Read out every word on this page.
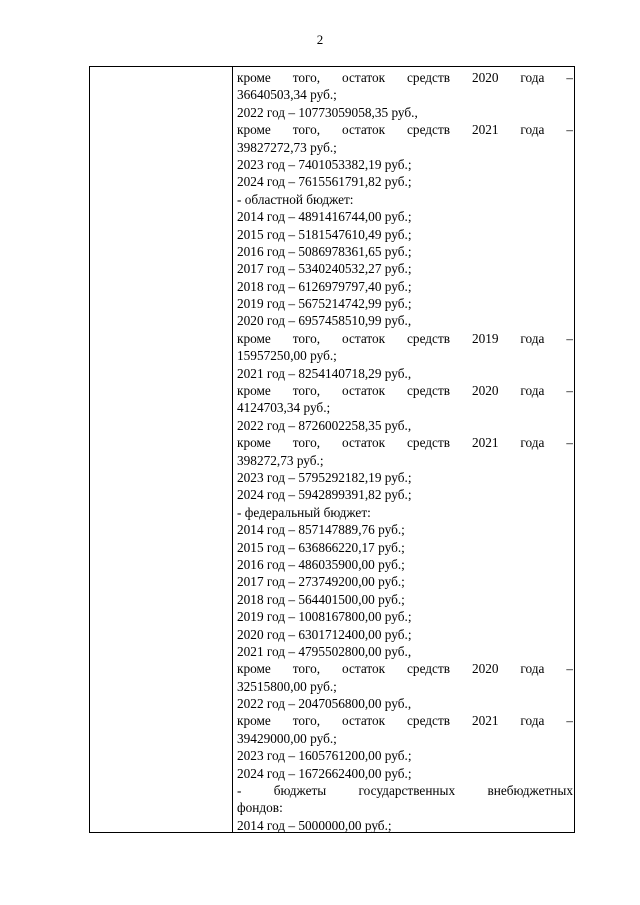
2
кроме того, остаток средств 2020 года –
36640503,34 руб.;
2022 год – 10773059058,35 руб.,
кроме того, остаток средств 2021 года –
39827272,73 руб.;
2023 год – 7401053382,19 руб.;
2024 год – 7615561791,82 руб.;
- областной бюджет:
2014 год – 4891416744,00 руб.;
2015 год – 5181547610,49 руб.;
2016 год – 5086978361,65 руб.;
2017 год – 5340240532,27 руб.;
2018 год – 6126979797,40 руб.;
2019 год – 5675214742,99 руб.;
2020 год – 6957458510,99 руб.,
кроме того, остаток средств 2019 года –
15957250,00 руб.;
2021 год – 8254140718,29 руб.,
кроме того, остаток средств 2020 года –
4124703,34 руб.;
2022 год – 8726002258,35 руб.,
кроме того, остаток средств 2021 года –
398272,73 руб.;
2023 год – 5795292182,19 руб.;
2024 год – 5942899391,82 руб.;
- федеральный бюджет:
2014 год – 857147889,76 руб.;
2015 год – 636866220,17 руб.;
2016 год – 486035900,00 руб.;
2017 год – 273749200,00 руб.;
2018 год – 564401500,00 руб.;
2019 год – 1008167800,00 руб.;
2020 год – 6301712400,00 руб.;
2021 год – 4795502800,00 руб.,
кроме того, остаток средств 2020 года –
32515800,00 руб.;
2022 год – 2047056800,00 руб.,
кроме того, остаток средств 2021 года –
39429000,00 руб.;
2023 год – 1605761200,00 руб.;
2024 год – 1672662400,00 руб.;
- бюджеты государственных внебюджетных
фондов:
2014 год – 5000000,00 руб.;
